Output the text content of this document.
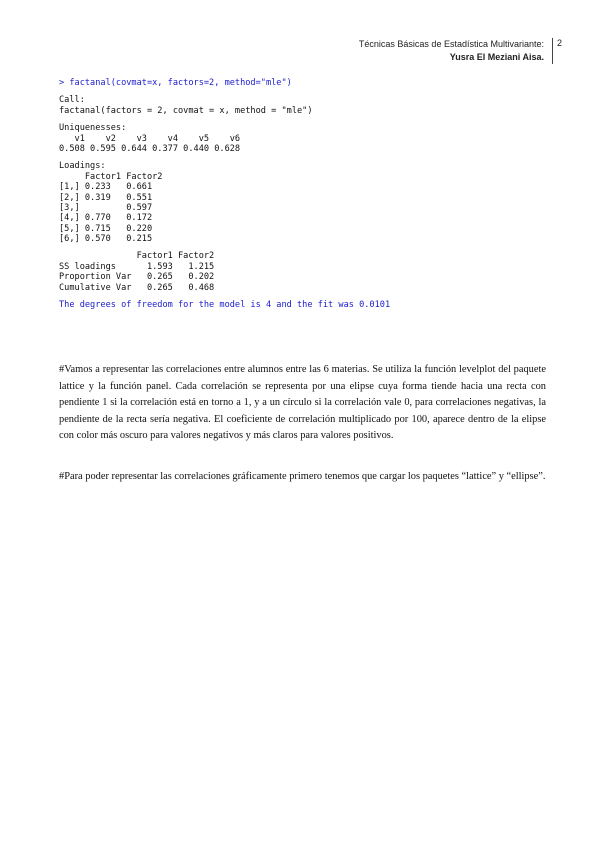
Técnicas Básicas de Estadística Multivariante:
Yusra El Meziani Aisa.
2
> factanal(covmat=x, factors=2, method="mle")
Call:
factanal(factors = 2, covmat = x, method = "mle")
Uniquenesses:
v1    v2    v3    v4    v5    v6
0.508 0.595 0.644 0.377 0.440 0.628
Loadings:
Factor1 Factor2
[1,] 0.233   0.661
[2,] 0.319   0.551
[3,]         0.597
[4,] 0.770   0.172
[5,] 0.715   0.220
[6,] 0.570   0.215
Factor1 Factor2
SS loadings      1.593   1.215
Proportion Var   0.265   0.202
Cumulative Var   0.265   0.468
The degrees of freedom for the model is 4 and the fit was 0.0101

#Vamos a representar las correlaciones entre alumnos entre las 6 materias. Se utiliza la función levelplot del paquete lattice y la función panel. Cada correlación se representa por una elipse cuya forma tiende hacia una recta con pendiente 1 si la correlación está en torno a 1, y a un círculo si la correlación vale 0, para correlaciones negativas, la pendiente de la recta sería negativa. El coeficiente de correlación multiplicado por 100, aparece dentro de la elipse con color más oscuro para valores negativos y más claros para valores positivos.

#Para poder representar las correlaciones gráficamente primero tenemos que cargar los paquetes “lattice” y “ellipse”.
